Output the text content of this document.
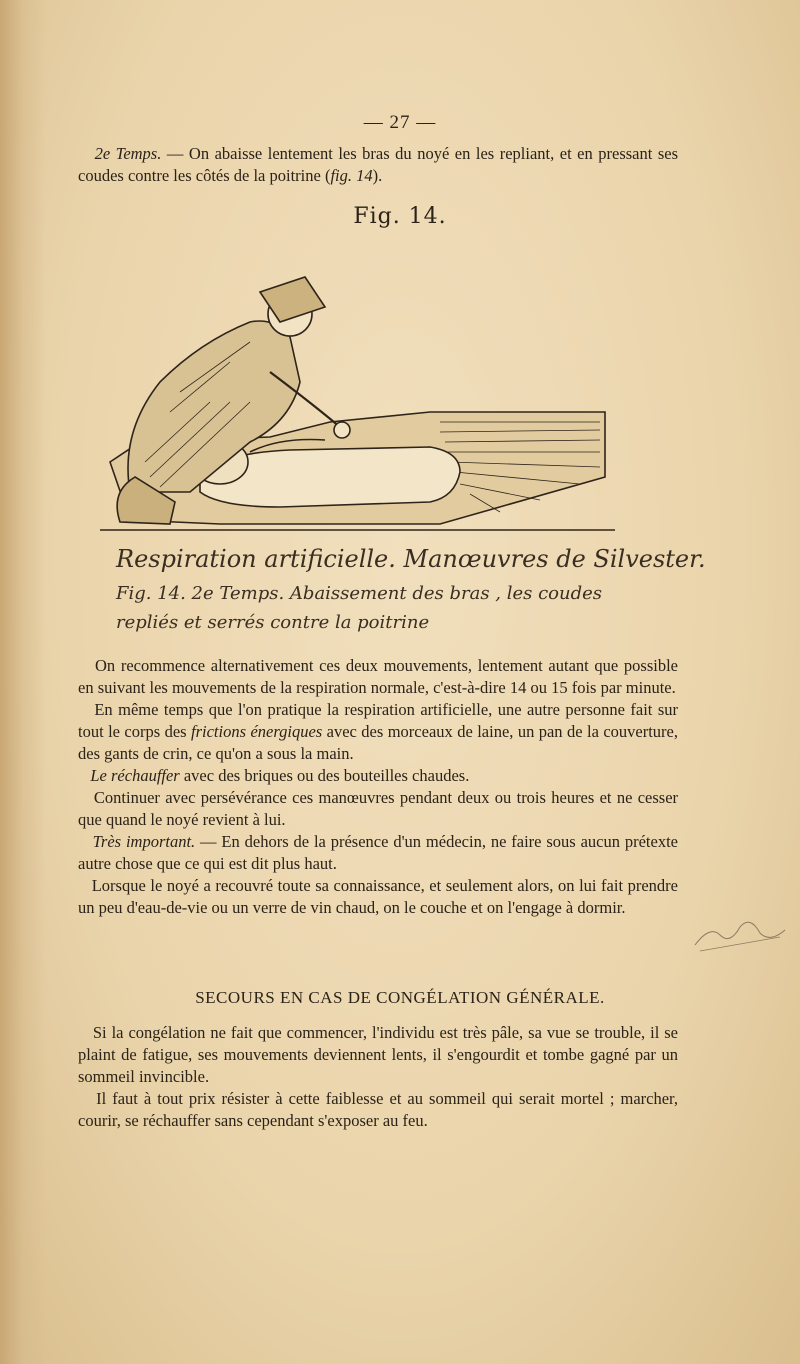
— 27 —

2e Temps. — On abaisse lentement les bras du noyé en les repliant, et en pressant ses coudes contre les côtés de la poitrine (fig. 14).

Fig. 14.
Respiration artificielle. Manœuvres de Silvester.
Fig. 14. 2e Temps. Abaissement des bras , les coudes
repliés et serrés contre la poitrine

On recommence alternativement ces deux mouvements, lentement autant que possible en suivant les mouvements de la respiration normale, c'est-à-dire 14 ou 15 fois par minute.

En même temps que l'on pratique la respiration artificielle, une autre personne fait sur tout le corps des frictions énergiques avec des morceaux de laine, un pan de la couverture, des gants de crin, ce qu'on a sous la main.

Le réchauffer avec des briques ou des bouteilles chaudes.

Continuer avec persévérance ces manœuvres pendant deux ou trois heures et ne cesser que quand le noyé revient à lui.

Très important. — En dehors de la présence d'un médecin, ne faire sous aucun prétexte autre chose que ce qui est dit plus haut.

Lorsque le noyé a recouvré toute sa connaissance, et seulement alors, on lui fait prendre un peu d'eau-de-vie ou un verre de vin chaud, on le couche et on l'engage à dormir.

SECOURS EN CAS DE CONGÉLATION GÉNÉRALE.

Si la congélation ne fait que commencer, l'individu est très pâle, sa vue se trouble, il se plaint de fatigue, ses mouvements deviennent lents, il s'engourdit et tombe gagné par un sommeil invincible.

Il faut à tout prix résister à cette faiblesse et au sommeil qui serait mortel ; marcher, courir, se réchauffer sans cependant s'exposer au feu.
